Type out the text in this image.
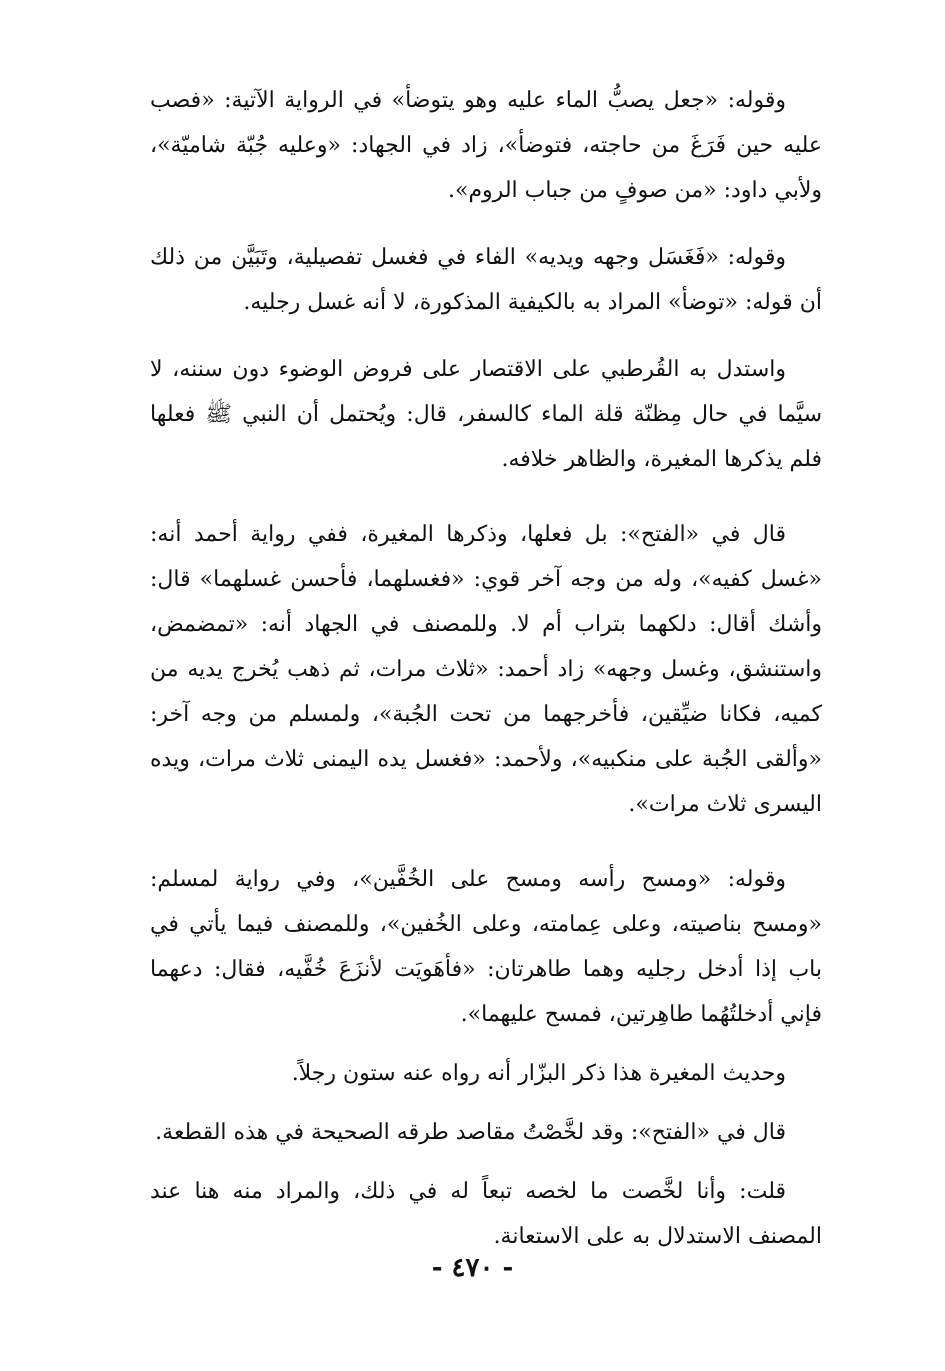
وقوله: «جعل يصبُّ الماء عليه وهو يتوضأ» في الرواية الآتية: «فصب عليه حين فَرَغَ من حاجته، فتوضأ»، زاد في الجهاد: «وعليه جُبّة شاميّة»، ولأبي داود: «من صوفٍ من جباب الروم».

وقوله: «فَغَسَل وجهه ويديه» الفاء في فغسل تفصيلية، وتَبَيَّن من ذلك أن قوله: «توضأ» المراد به بالكيفية المذكورة، لا أنه غسل رجليه.

واستدل به القُرطبي على الاقتصار على فروض الوضوء دون سننه، لا سيَّما في حال مِظنّة قلة الماء كالسفر، قال: ويُحتمل أن النبي ﷺ فعلها فلم يذكرها المغيرة، والظاهر خلافه.

قال في «الفتح»: بل فعلها، وذكرها المغيرة، ففي رواية أحمد أنه: «غسل كفيه»، وله من وجه آخر قوي: «فغسلهما، فأحسن غسلهما» قال: وأشك أقال: دلكهما بتراب أم لا. وللمصنف في الجهاد أنه: «تمضمض، واستنشق، وغسل وجهه» زاد أحمد: «ثلاث مرات، ثم ذهب يُخرج يديه من كميه، فكانا ضيِّقين، فأخرجهما من تحت الجُبة»، ولمسلم من وجه آخر: «وألقى الجُبة على منكبيه»، ولأحمد: «فغسل يده اليمنى ثلاث مرات، ويده اليسرى ثلاث مرات».

وقوله: «ومسح رأسه ومسح على الخُفَّين»، وفي رواية لمسلم: «ومسح بناصيته، وعلى عِمامته، وعلى الخُفين»، وللمصنف فيما يأتي في باب إذا أدخل رجليه وهما طاهرتان: «فأهَويَت لأنزَعَ خُفَّيه، فقال: دعهما فإني أدخلتُهُما طاهِرتين، فمسح عليهما».

وحديث المغيرة هذا ذكر البزّار أنه رواه عنه ستون رجلاً.

قال في «الفتح»: وقد لخَّصْتُ مقاصد طرقه الصحيحة في هذه القطعة.

قلت: وأنا لخَّصت ما لخصه تبعاً له في ذلك، والمراد منه هنا عند المصنف الاستدلال به على الاستعانة.

- ٤٧٠ -
